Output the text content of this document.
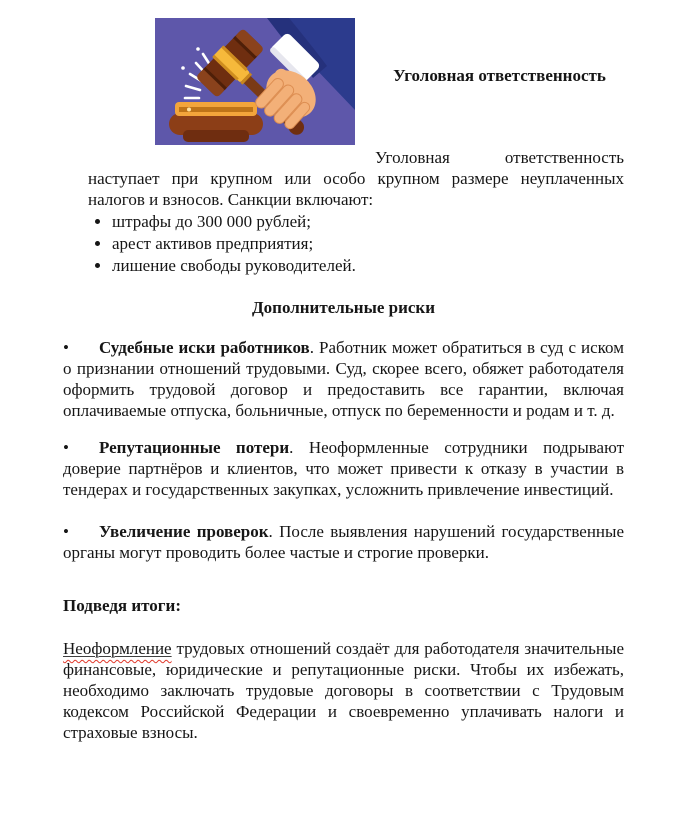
Уголовная ответственность

Уголовная ответственность наступает при крупном или особо крупном размере неуплаченных налогов и взносов. Санкции включают:

• штрафы до 300 000 рублей;
• арест активов предприятия;
• лишение свободы руководителей.
Дополнительные риски

• Судебные иски работников. Работник может обратиться в суд с иском о признании отношений трудовыми. Суд, скорее всего, обяжет работодателя оформить трудовой договор и предоставить все гарантии, включая оплачиваемые отпуска, больничные, отпуск по беременности и родам и т. д.

• Репутационные потери. Неоформленные сотрудники подрывают доверие партнёров и клиентов, что может привести к отказу в участии в тендерах и государственных закупках, усложнить привлечение инвестиций.

• Увеличение проверок. После выявления нарушений государственные органы могут проводить более частые и строгие проверки.

Подведя итоги:

Неоформление трудовых отношений создаёт для работодателя значительные финансовые, юридические и репутационные риски. Чтобы их избежать, необходимо заключать трудовые договоры в соответствии с Трудовым кодексом Российской Федерации и своевременно уплачивать налоги и страховые взносы.
